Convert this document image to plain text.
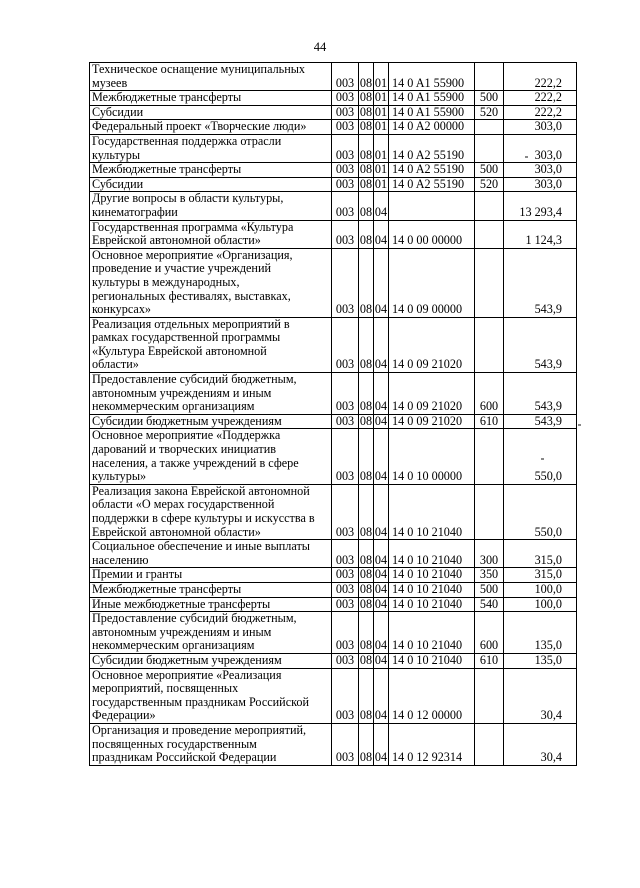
44
Техническое оснащение муниципальных
музеев	003	08	01	14 0 A1 55900		222,2

Межбюджетные трансферты	003	08	01	14 0 A1 55900	500	222,2

Субсидии	003	08	01	14 0 A1 55900	520	222,2

Федеральный проект «Творческие люди»	003	08	01	14 0 A2 00000		303,0

Государственная поддержка отрасли
культуры	003	08	01	14 0 A2 55190		303,0

Межбюджетные трансферты	003	08	01	14 0 A2 55190	500	303,0

Субсидии	003	08	01	14 0 A2 55190	520	303,0

Другие вопросы в области культуры,
кинематографии	003	08	04			13 293,4

Государственная программа «Культура
Еврейской автономной области»	003	08	04	14 0 00 00000		1 124,3

Основное мероприятие «Организация,
проведение и участие учреждений
культуры в международных,
региональных фестивалях, выставках,
конкурсах»	003	08	04	14 0 09 00000		543,9

Реализация отдельных мероприятий в
рамках государственной программы
«Культура Еврейской автономной
области»	003	08	04	14 0 09 21020		543,9

Предоставление субсидий бюджетным,
автономным учреждениям и иным
некоммерческим организациям	003	08	04	14 0 09 21020	600	543,9

Субсидии бюджетным учреждениям	003	08	04	14 0 09 21020	610	543,9

Основное мероприятие «Поддержка
дарований и творческих инициатив
населения, а также учреждений в сфере
культуры»	003	08	04	14 0 10 00000		550,0

Реализация закона Еврейской автономной
области «О мерах государственной
поддержки в сфере культуры и искусства в
Еврейской автономной области»	003	08	04	14 0 10 21040		550,0

Социальное обеспечение и иные выплаты
населению	003	08	04	14 0 10 21040	300	315,0

Премии и гранты	003	08	04	14 0 10 21040	350	315,0

Межбюджетные трансферты	003	08	04	14 0 10 21040	500	100,0

Иные межбюджетные трансферты	003	08	04	14 0 10 21040	540	100,0

Предоставление субсидий бюджетным,
автономным учреждениям и иным
некоммерческим организациям	003	08	04	14 0 10 21040	600	135,0

Субсидии бюджетным учреждениям	003	08	04	14 0 10 21040	610	135,0

Основное мероприятие «Реализация
мероприятий, посвященных
государственным праздникам Российской
Федерации»	003	08	04	14 0 12 00000		30,4

Организация и проведение мероприятий,
посвященных государственным
праздникам Российской Федерации	003	08	04	14 0 12 92314		30,4
